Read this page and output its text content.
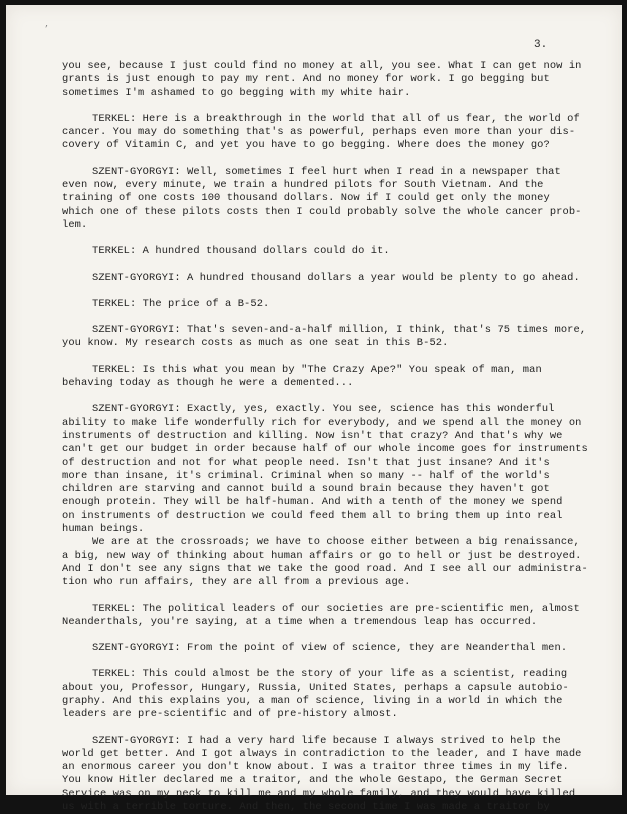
’
3.
you see, because I just could find no money at all, you see. What I can get now in
grants is just enough to pay my rent. And no money for work. I go begging but
sometimes I'm ashamed to go begging with my white hair.
TERKEL: Here is a breakthrough in the world that all of us fear, the world of
cancer. You may do something that's as powerful, perhaps even more than your dis-
covery of Vitamin C, and yet you have to go begging. Where does the money go?
SZENT-GYORGYI: Well, sometimes I feel hurt when I read in a newspaper that
even now, every minute, we train a hundred pilots for South Vietnam. And the
training of one costs 100 thousand dollars. Now if I could get only the money
which one of these pilots costs then I could probably solve the whole cancer prob-
lem.
TERKEL: A hundred thousand dollars could do it.
SZENT-GYORGYI: A hundred thousand dollars a year would be plenty to go ahead.
TERKEL: The price of a B-52.
SZENT-GYORGYI: That's seven-and-a-half million, I think, that's 75 times more,
you know. My research costs as much as one seat in this B-52.
TERKEL: Is this what you mean by "The Crazy Ape?" You speak of man, man
behaving today as though he were a demented...
SZENT-GYORGYI: Exactly, yes, exactly. You see, science has this wonderful
ability to make life wonderfully rich for everybody, and we spend all the money on
instruments of destruction and killing. Now isn't that crazy? And that's why we
can't get our budget in order because half of our whole income goes for instruments
of destruction and not for what people need. Isn't that just insane? And it's
more than insane, it's criminal. Criminal when so many -- half of the world's
children are starving and cannot build a sound brain because they haven't got
enough protein. They will be half-human. And with a tenth of the money we spend
on instruments of destruction we could feed them all to bring them up into real
human beings.
We are at the crossroads; we have to choose either between a big renaissance,
a big, new way of thinking about human affairs or go to hell or just be destroyed.
And I don't see any signs that we take the good road. And I see all our administra-
tion who run affairs, they are all from a previous age.
TERKEL: The political leaders of our societies are pre-scientific men, almost
Neanderthals, you're saying, at a time when a tremendous leap has occurred.
SZENT-GYORGYI: From the point of view of science, they are Neanderthal men.
TERKEL: This could almost be the story of your life as a scientist, reading
about you, Professor, Hungary, Russia, United States, perhaps a capsule autobio-
graphy. And this explains you, a man of science, living in a world in which the
leaders are pre-scientific and of pre-history almost.
SZENT-GYORGYI: I had a very hard life because I always strived to help the
world get better. And I got always in contradiction to the leader, and I have made
an enormous career you don't know about. I was a traitor three times in my life.
You know Hitler declared me a traitor, and the whole Gestapo, the German Secret
Service was on my neck to kill me and my whole family, and they would have killed
us with a terrible torture. And then, the second time I was made a traitor by
